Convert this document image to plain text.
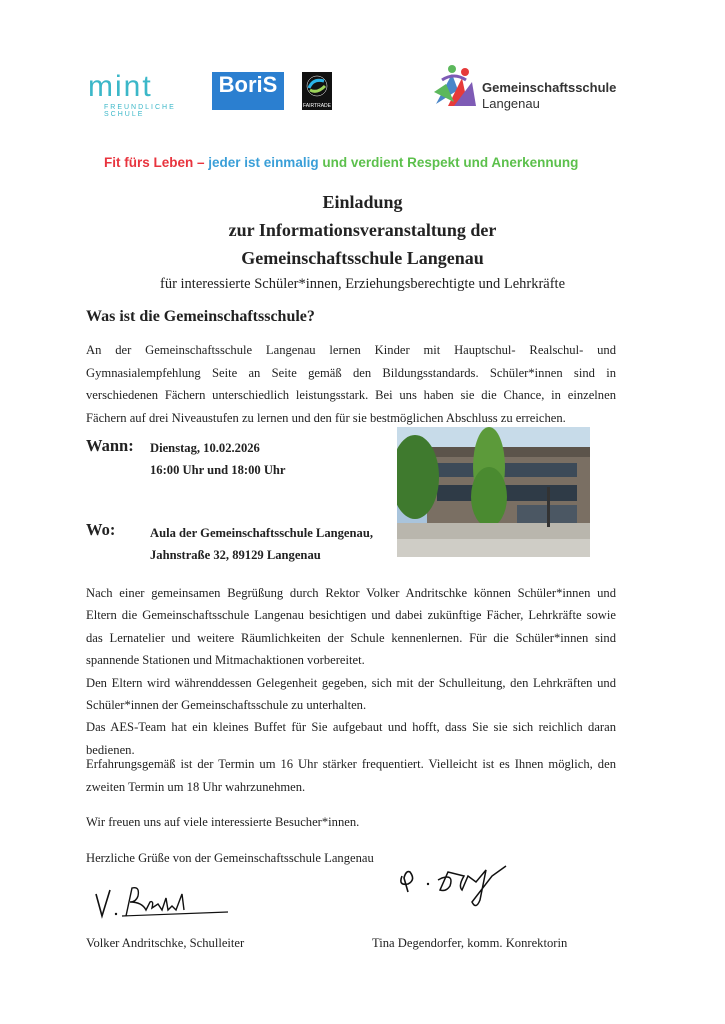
mint
FREUNDLICHE SCHULE
BoriS
FAIRTRADE
Gemeinschaftsschule
Langenau
Fit fürs Leben – jeder ist einmalig und verdient Respekt und Anerkennung
Einladung
zur Informationsveranstaltung der
Gemeinschaftsschule Langenau
für interessierte Schüler*innen, Erziehungsberechtigte und Lehrkräfte
Was ist die Gemeinschaftsschule?
An der Gemeinschaftsschule Langenau lernen Kinder mit Hauptschul- Realschul- und
Gymnasialempfehlung Seite an Seite gemäß den Bildungsstandards. Schüler*innen sind in
verschiedenen Fächern unterschiedlich leistungsstark. Bei uns haben sie die Chance, in einzelnen
Fächern auf drei Niveaustufen zu lernen und den für sie bestmöglichen Abschluss zu erreichen.
Wann: Dienstag, 10.02.2026
16:00 Uhr und 18:00 Uhr
Wo:	Aula der Gemeinschaftsschule Langenau,
Jahnstraße 32, 89129 Langenau
Nach einer gemeinsamen Begrüßung durch Rektor Volker Andritschke können Schüler*innen und
Eltern die Gemeinschaftsschule Langenau besichtigen und dabei zukünftige Fächer, Lehrkräfte sowie
das Lernatelier und weitere Räumlichkeiten der Schule kennenlernen. Für die Schüler*innen sind
spannende Stationen und Mitmachaktionen vorbereitet.
Den Eltern wird währenddessen Gelegenheit gegeben, sich mit der Schulleitung, den Lehrkräften und
Schüler*innen der Gemeinschaftsschule zu unterhalten.
Das AES-Team hat ein kleines Buffet für Sie aufgebaut und hofft, dass Sie sie sich reichlich daran
bedienen.
Erfahrungsgemäß ist der Termin um 16 Uhr stärker frequentiert. Vielleicht ist es Ihnen möglich, den
zweiten Termin um 18 Uhr wahrzunehmen.
Wir freuen uns auf viele interessierte Besucher*innen.
Herzliche Grüße von der Gemeinschaftsschule Langenau
Volker Andritschke, Schulleiter	Tina Degendorfer, komm. Konrektorin
